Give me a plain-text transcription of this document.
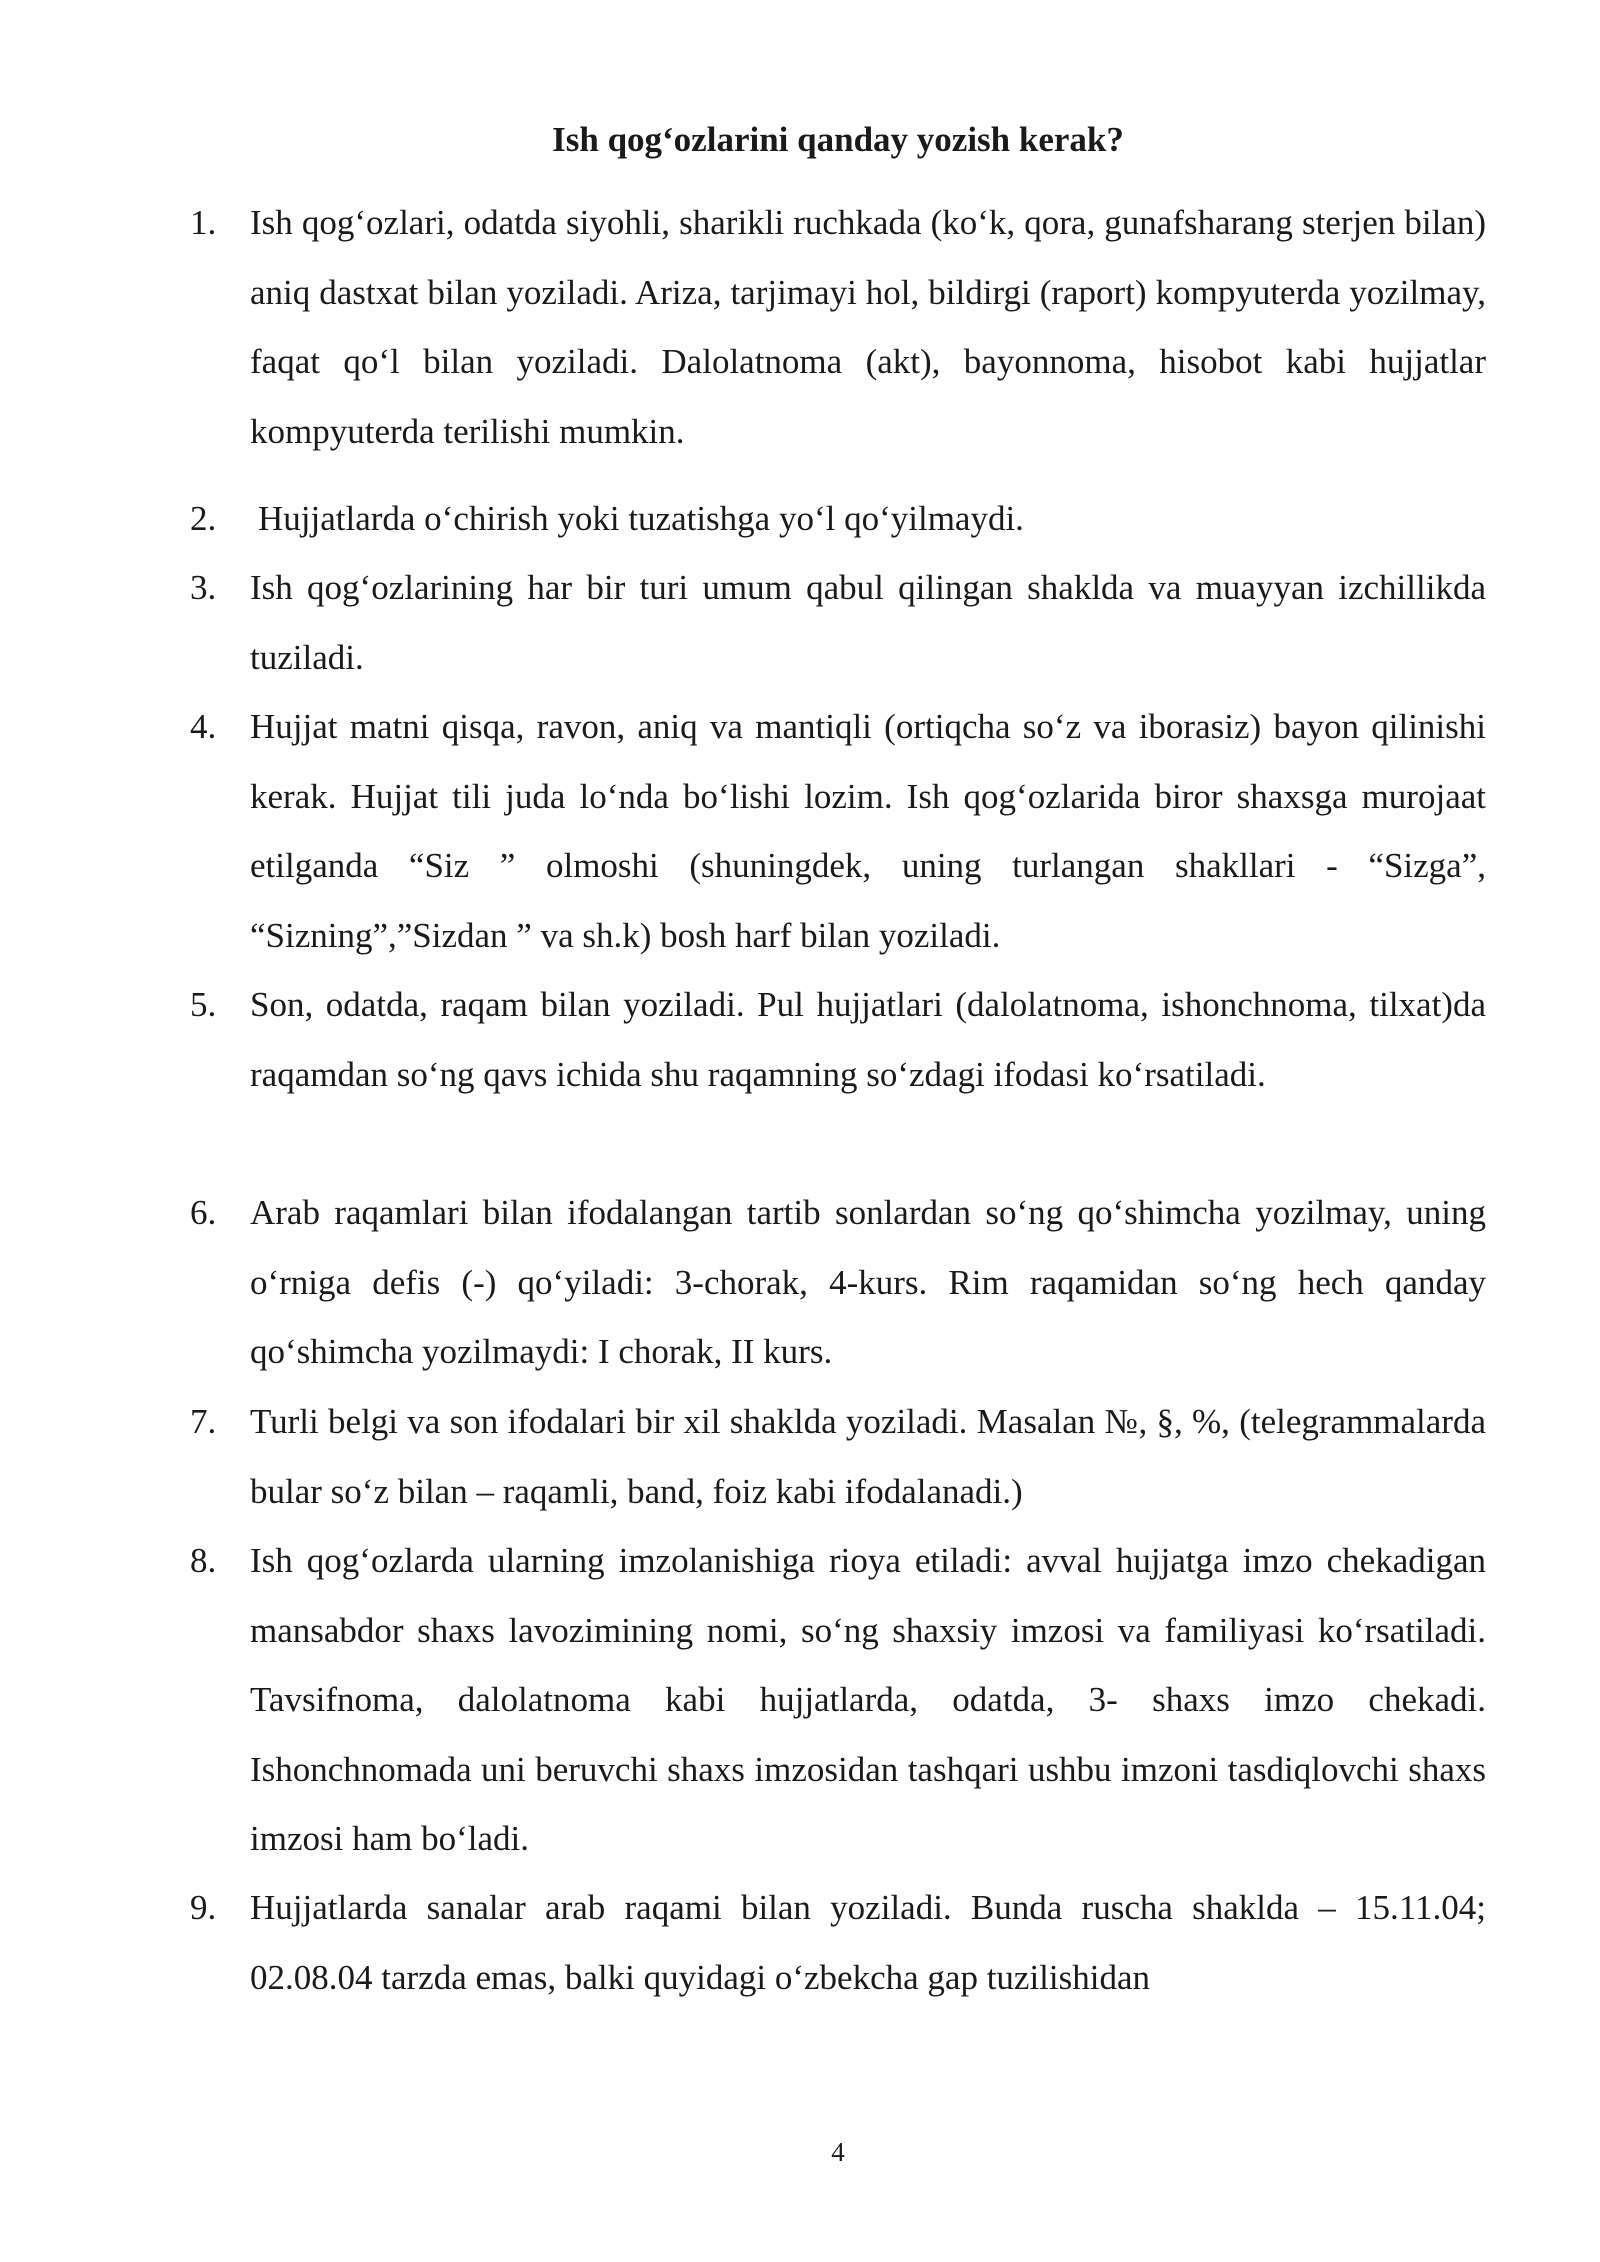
Ish qog‘ozlarini qanday yozish kerak?
1. Ish qog‘ozlari, odatda siyohli, sharikli ruchkada (ko‘k, qora, gunafsharang sterjen bilan) aniq dastxat bilan yoziladi. Ariza, tarjimayi hol, bildirgi (raport) kompyuterda yozilmay, faqat qo‘l bilan yoziladi. Dalolatnoma (akt), bayonnoma, hisobot kabi hujjatlar kompyuterda terilishi mumkin.
2.	Hujjatlarda o‘chirish yoki tuzatishga yo‘l qo‘yilmaydi.
3. Ish qog‘ozlarining har bir turi umum qabul qilingan shaklda va muayyan izchillikda tuziladi.
4. Hujjat matni qisqa, ravon, aniq va mantiqli (ortiqcha so‘z va iborasiz) bayon qilinishi kerak. Hujjat tili juda lo‘nda bo‘lishi lozim. Ish qog‘ozlarida biror shaxsga murojaat etilganda “Siz ” olmoshi (shuningdek, uning turlangan shakllari - “Sizga”, “Sizning”,”Sizdan ” va sh.k) bosh harf bilan yoziladi.
5. Son, odatda, raqam bilan yoziladi. Pul hujjatlari (dalolatnoma, ishonchnoma, tilxat)da raqamdan so‘ng qavs ichida shu raqamning so‘zdagi ifodasi ko‘rsatiladi.
6. Arab raqamlari bilan ifodalangan tartib sonlardan so‘ng qo‘shimcha yozilmay, uning o‘rniga defis (-) qo‘yiladi: 3-chorak, 4-kurs. Rim raqamidan so‘ng hech qanday qo‘shimcha yozilmaydi: I chorak, II kurs.
7. Turli belgi va son ifodalari bir xil shaklda yoziladi. Masalan №, §, %, (telegrammalarda bular so‘z bilan – raqamli, band, foiz kabi ifodalanadi.)
8. Ish qog‘ozlarda ularning imzolanishiga rioya etiladi: avval hujjatga imzo chekadigan mansabdor shaxs lavozimining nomi, so‘ng shaxsiy imzosi va familiyasi ko‘rsatiladi. Tavsifnoma, dalolatnoma kabi hujjatlarda, odatda, 3- shaxs imzo chekadi. Ishonchnomada uni beruvchi shaxs imzosidan tashqari ushbu imzoni tasdiqlovchi shaxs imzosi ham bo‘ladi.
9. Hujjatlarda sanalar arab raqami bilan yoziladi. Bunda ruscha shaklda – 15.11.04; 02.08.04 tarzda emas, balki quyidagi o‘zbekcha gap tuzilishidan
4
